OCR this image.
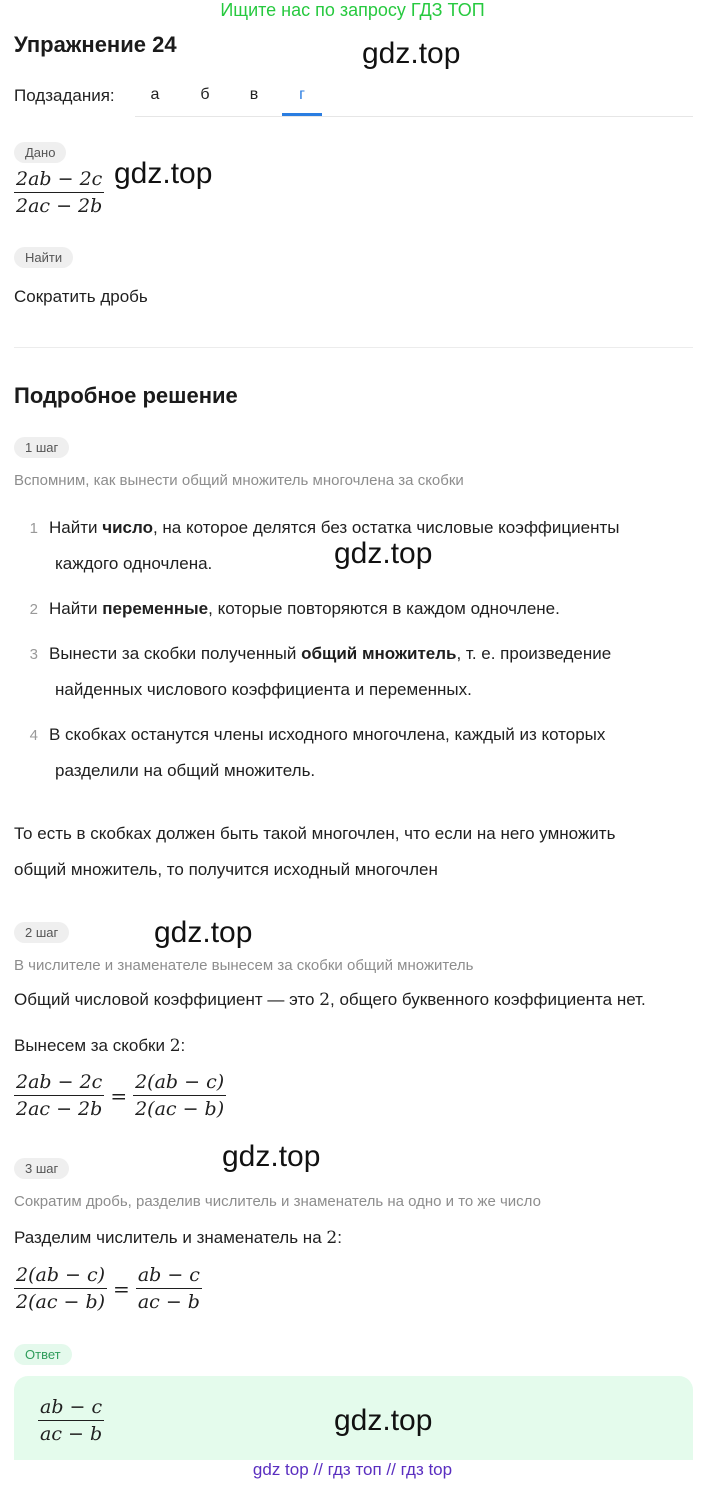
Ищите нас по запросу ГДЗ ТОП
Упражнение 24	gdz.top
Подзадания:	а	б	в	г
Дано
$\frac{2ab - 2c}{2ac - 2b} gdz.top$
Найти
Сократить дробь
Подробное решение
1 шаг
Вспомним, как вынести общий множитель многочлена за скобки
1 Найти число, на которое делятся без остатка числовые коэффициенты
каждого одночлена.	gdz.top
2 Найти переменные, которые повторяются в каждом одночлене.
3 Вынести за скобки полученный общий множитель, т. е. произведение
найденных числового коэффициента и переменных.
4 В скобках останутся члены исходного многочлена, каждый из которых
разделили на общий множитель.
То есть в скобках должен быть такой многочлен, что если на него умножить
общий множитель, то получится исходный многочлен
2 шаг	gdz.top
В числителе и знаменателе вынесем за скобки общий множитель
Общий числовой коэффициент — это 2, общего буквенного коэффициента нет.
Вынесем за скобки 2:
$\frac{2ab - 2c}{2ac - 2b} = \frac{2(ab - c)}{2(ac - b)}$
3 шаг	gdz.top
Сократим дробь, разделив числитель и знаменатель на одно и то же число
Разделим числитель и знаменатель на 2:
$\frac{2(ab - c)}{2(ac - b)} = \frac{ab - c}{ac - b}$
Ответ
$\frac{ab - c}{ac - b}$	gdz.top
gdz top // гдз топ // гдз top
